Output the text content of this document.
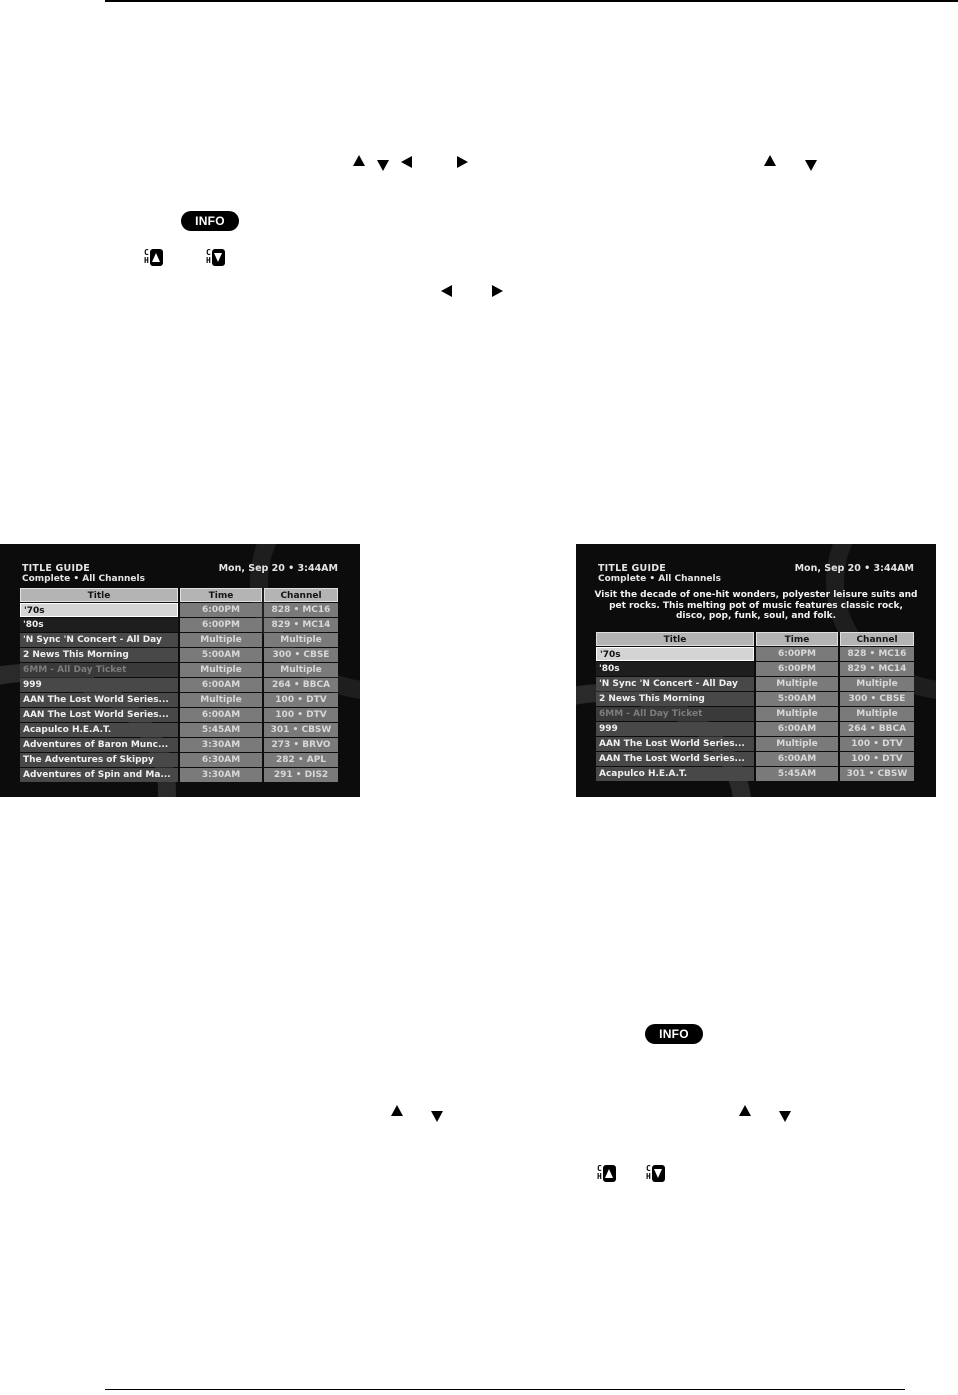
INFO
C
H
C
H
TITLE GUIDE
Complete • All Channels
Mon, Sep 20 • 3:44AM
Title	Time	Channel
'70s	6:00PM	828 • MC16
'80s	6:00PM	829 • MC14
'N Sync 'N Concert - All Day	Multiple	Multiple
2 News This Morning	5:00AM	300 • CBSE
6MM - All Day Ticket	Multiple	Multiple
999	6:00AM	264 • BBCA
AAN The Lost World Series...	Multiple	100 • DTV
AAN The Lost World Series...	6:00AM	100 • DTV
Acapulco H.E.A.T.	5:45AM	301 • CBSW
Adventures of Baron Munc...	3:30AM	273 • BRVO
The Adventures of Skippy	6:30AM	282 • APL
Adventures of Spin and Ma...	3:30AM	291 • DIS2
TITLE GUIDE
Complete • All Channels
Mon, Sep 20 • 3:44AM
Visit the decade of one-hit wonders, polyester leisure suits and pet rocks. This melting pot of music features classic rock, disco, pop, funk, soul, and folk.
Title	Time	Channel
'70s	6:00PM	828 • MC16
'80s	6:00PM	829 • MC14
'N Sync 'N Concert - All Day	Multiple	Multiple
2 News This Morning	5:00AM	300 • CBSE
6MM - All Day Ticket	Multiple	Multiple
999	6:00AM	264 • BBCA
AAN The Lost World Series...	Multiple	100 • DTV
AAN The Lost World Series...	6:00AM	100 • DTV
Acapulco H.E.A.T.	5:45AM	301 • CBSW
INFO
C
H
C
H
